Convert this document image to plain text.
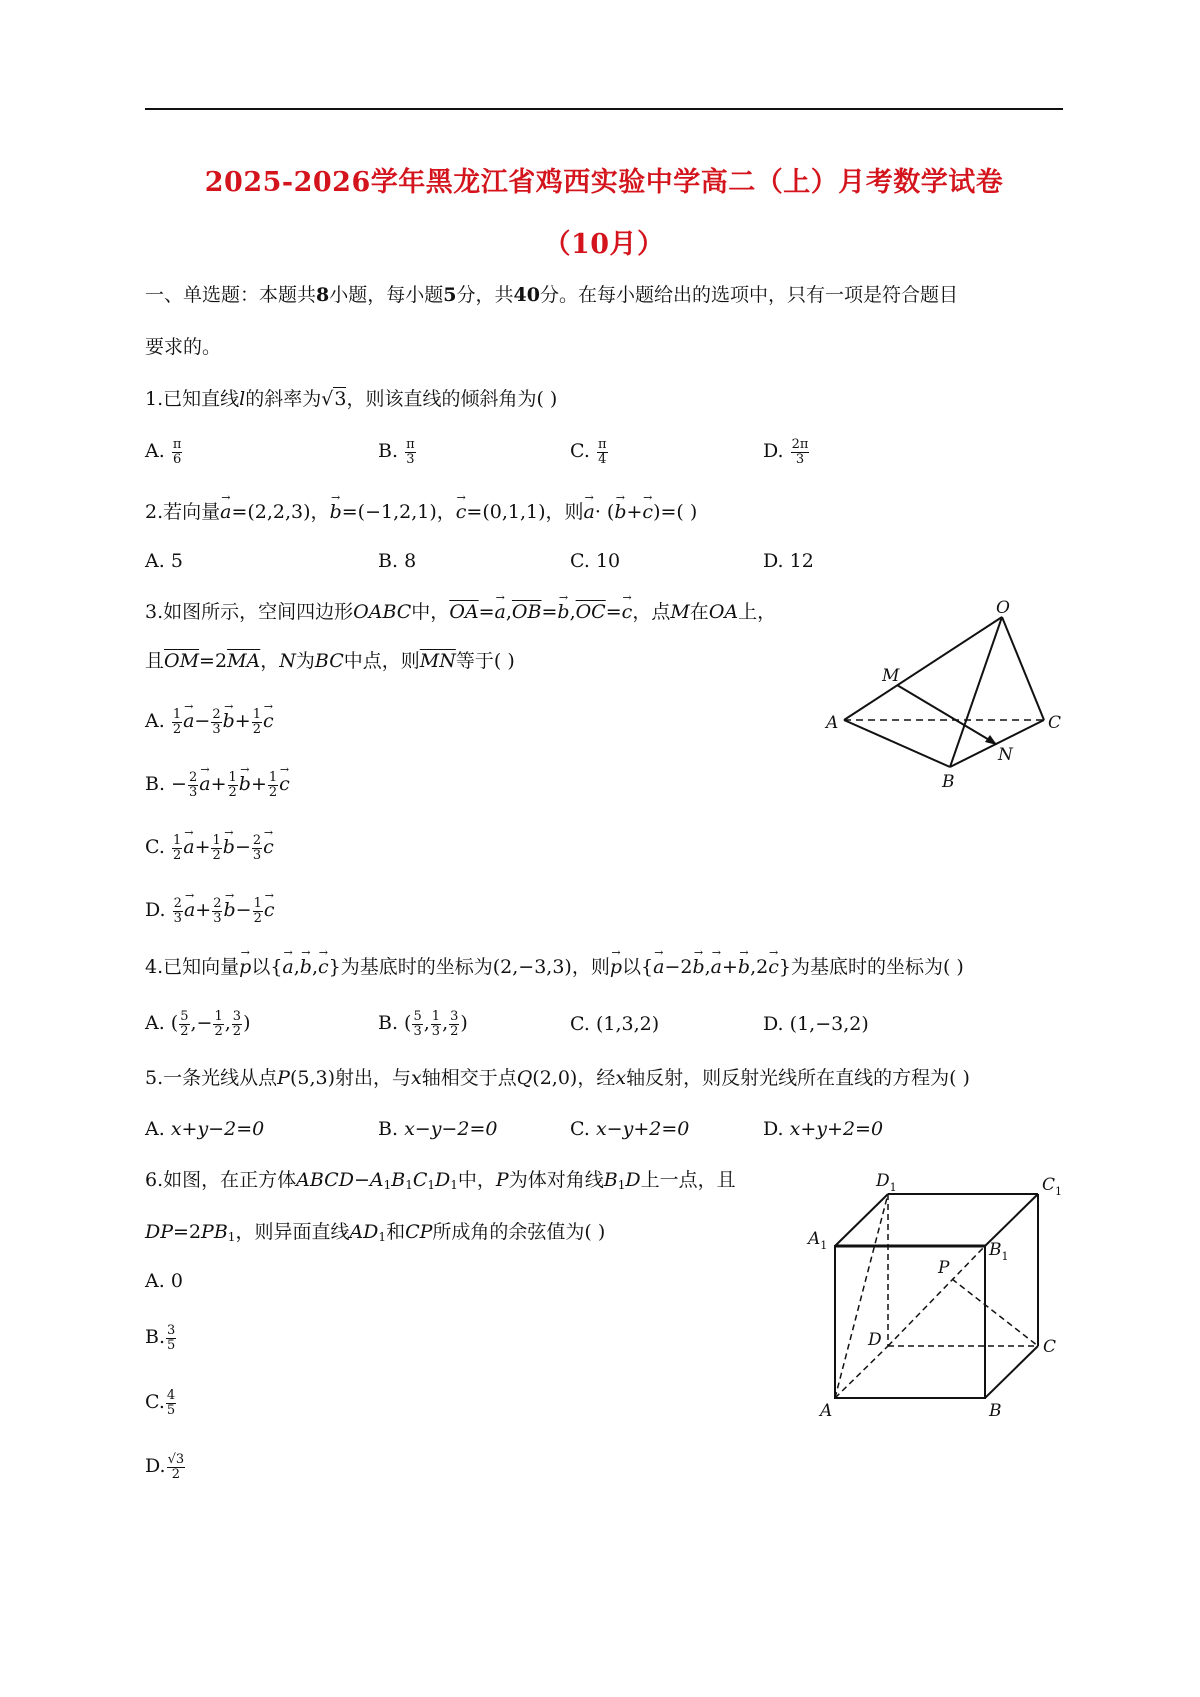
2025-2026学年黑龙江省鸡西实验中学高二（上）月考数学试卷
（10月）
一、单选题：本题共8小题，每小题5分，共40分。在每小题给出的选项中，只有一项是符合题目
要求的。
1.已知直线l的斜率为√3，则该直线的倾斜角为( )
A. $\frac{\pi}{6}$	B. $\frac{\pi}{3}$	C. $\frac{\pi}{4}$	D. $\frac{2\pi}{3}$
2.若向量a →=(2,2,3)，b →=(−1,2,1)，c →=(0,1,1)，则a →· (b →+c →)=( )
A. 5	B. 8	C. 10	D. 12
3.如图所示，空间四边形OABC中，$\overline{OA}=a \to,\overline{OB}=b \to,\overline{OC}=c$ →，点M在OA上，
且$\overline{OM}=2\overline{MA}$，N为BC中点，则$\overline{MN}$等于( )
A. $\frac{1}{2}$ $a \to- \frac{2}{3}$ $b \to+ \frac{1}{2}$ c →
B. − $\frac{2}{3}$ $a \to+ \frac{1}{2}$ $b \to+ \frac{1}{2}$ c →
C. $\frac{1}{2}$ $a \to+ \frac{1}{2}$ $b \to- \frac{2}{3}$ c →
D. $\frac{2}{3}$ $a \to+ \frac{2}{3}$ $b \to- \frac{1}{2}$ c →
O
M
A	C
N
B
4.已知向量p →以{a →,b →,c →}为基底时的坐标为(2,−3,3)，则p →以{a →−2b →,a →+b →,2c →}为基底时的坐标为( )
A. ( $\frac{5}{2}$ ,− $\frac{1}{2}$ , $\frac{3}{2}$ )	B. ( $\frac{5}{3}$ , $\frac{1}{3}$ , $\frac{3}{2}$ )	C. (1,3,2)	D. (1,−3,2)
5.一条光线从点P(5,3)射出，与x轴相交于点Q(2,0)，经x轴反射，则反射光线所在直线的方程为( )
A. x+y−2=0	B. x−y−2=0	C. x−y+2=0	D. x+y+2=0
6.如图，在正方体$ABCD-A_1B_1C_1D_1$中，P为体对角线$B_1D$上一点，且
$DP=2PB_1$，则异面直线$AD_1$和CP所成角的余弦值为( )
A. 0
B. $\frac{3}{5}$
C. $\frac{4}{5}$
D. $\frac{√3}{2}$
$D_1$	$C_1$
$A_1$	$B_1$
P
D	C
A	B
